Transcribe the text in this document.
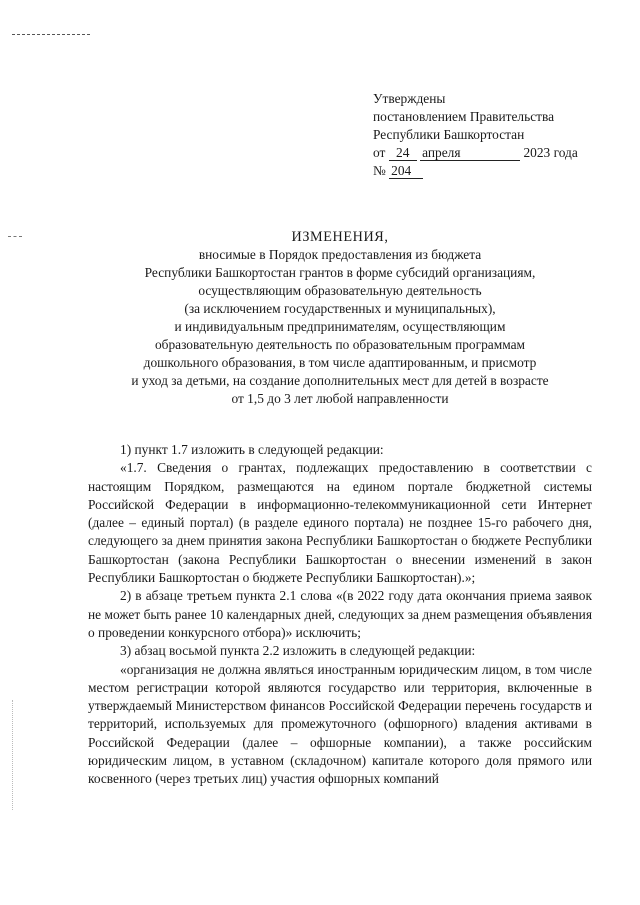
Утверждены
постановлением Правительства
Республики Башкортостан
от 24 апреля	2023 года
№ 204
ИЗМЕНЕНИЯ,
вносимые в Порядок предоставления из бюджета
Республики Башкортостан грантов в форме субсидий организациям,
осуществляющим образовательную деятельность
(за исключением государственных и муниципальных),
и индивидуальным предпринимателям, осуществляющим
образовательную деятельность по образовательным программам
дошкольного образования, в том числе адаптированным, и присмотр
и уход за детьми, на создание дополнительных мест для детей в возрасте
от 1,5 до 3 лет любой направленности

1) пункт 1.7 изложить в следующей редакции:

«1.7. Сведения о грантах, подлежащих предоставлению в соответствии с настоящим Порядком, размещаются на едином портале бюджетной системы Российской Федерации в информационно-телекоммуникационной сети Интернет (далее – единый портал) (в разделе единого портала) не позднее 15-го рабочего дня, следующего за днем принятия закона Республики Башкортостан о бюджете Республики Башкортостан (закона Республики Башкортостан о внесении изменений в закон Республики Башкортостан о бюджете Республики Башкортостан).»;

2) в абзаце третьем пункта 2.1 слова «(в 2022 году дата окончания приема заявок не может быть ранее 10 календарных дней, следующих за днем размещения объявления о проведении конкурсного отбора)» исключить;

3) абзац восьмой пункта 2.2 изложить в следующей редакции:

«организация не должна являться иностранным юридическим лицом, в том числе местом регистрации которой являются государство или территория, включенные в утверждаемый Министерством финансов Российской Федерации перечень государств и территорий, используемых для промежуточного (офшорного) владения активами в Российской Федерации (далее – офшорные компании), а также российским юридическим лицом, в уставном (складочном) капитале которого доля прямого или косвенного (через третьих лиц) участия офшорных компаний
